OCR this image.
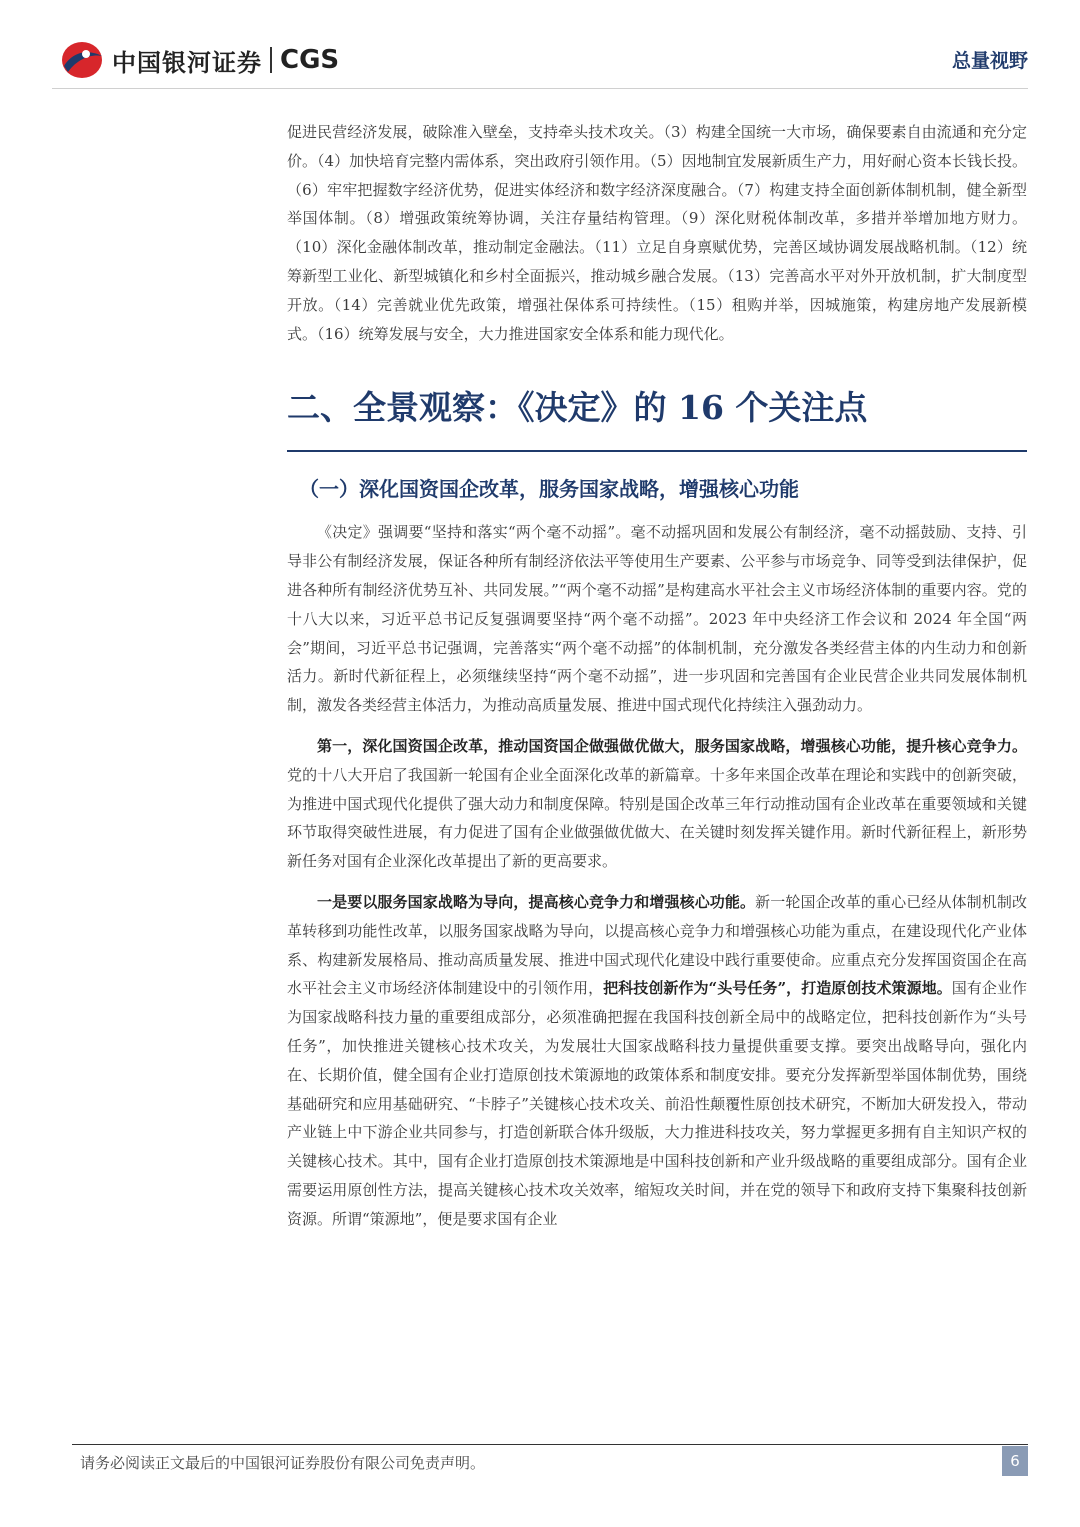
中国银河证券 CGS	总量视野

促进民营经济发展，破除准入壁垒，支持牵头技术攻关。（3）构建全国统一大市场，确保要素自由流通和充分定价。（4）加快培育完整内需体系，突出政府引领作用。（5）因地制宜发展新质生产力，用好耐心资本长钱长投。（6）牢牢把握数字经济优势，促进实体经济和数字经济深度融合。（7）构建支持全面创新体制机制，健全新型举国体制。（8）增强政策统筹协调，关注存量结构管理。（9）深化财税体制改革，多措并举增加地方财力。（10）深化金融体制改革，推动制定金融法。（11）立足自身禀赋优势，完善区域协调发展战略机制。（12）统筹新型工业化、新型城镇化和乡村全面振兴，推动城乡融合发展。（13）完善高水平对外开放机制，扩大制度型开放。（14）完善就业优先政策，增强社保体系可持续性。（15）租购并举，因城施策，构建房地产发展新模式。（16）统筹发展与安全，大力推进国家安全体系和能力现代化。

二、全景观察：《决定》的 16 个关注点
（一）深化国资国企改革，服务国家战略，增强核心功能

《决定》强调要“坚持和落实“两个毫不动摇”。毫不动摇巩固和发展公有制经济，毫不动摇鼓励、支持、引导非公有制经济发展，保证各种所有制经济依法平等使用生产要素、公平参与市场竞争、同等受到法律保护，促进各种所有制经济优势互补、共同发展。”“两个毫不动摇”是构建高水平社会主义市场经济体制的重要内容。党的十八大以来，习近平总书记反复强调要坚持“两个毫不动摇”。2023 年中央经济工作会议和 2024 年全国“两会”期间，习近平总书记强调，完善落实“两个毫不动摇”的体制机制，充分激发各类经营主体的内生动力和创新活力。新时代新征程上，必须继续坚持“两个毫不动摇”，进一步巩固和完善国有企业民营企业共同发展体制机制，激发各类经营主体活力，为推动高质量发展、推进中国式现代化持续注入强劲动力。

第一，深化国资国企改革，推动国资国企做强做优做大，服务国家战略，增强核心功能，提升核心竞争力。党的十八大开启了我国新一轮国有企业全面深化改革的新篇章。十多年来国企改革在理论和实践中的创新突破，为推进中国式现代化提供了强大动力和制度保障。特别是国企改革三年行动推动国有企业改革在重要领域和关键环节取得突破性进展，有力促进了国有企业做强做优做大、在关键时刻发挥关键作用。新时代新征程上，新形势新任务对国有企业深化改革提出了新的更高要求。

一是要以服务国家战略为导向，提高核心竞争力和增强核心功能。新一轮国企改革的重心已经从体制机制改革转移到功能性改革，以服务国家战略为导向，以提高核心竞争力和增强核心功能为重点，在建设现代化产业体系、构建新发展格局、推动高质量发展、推进中国式现代化建设中践行重要使命。应重点充分发挥国资国企在高水平社会主义市场经济体制建设中的引领作用，把科技创新作为“头号任务”，打造原创技术策源地。国有企业作为国家战略科技力量的重要组成部分，必须准确把握在我国科技创新全局中的战略定位，把科技创新作为“头号任务”，加快推进关键核心技术攻关，为发展壮大国家战略科技力量提供重要支撑。要突出战略导向，强化内在、长期价值，健全国有企业打造原创技术策源地的政策体系和制度安排。要充分发挥新型举国体制优势，围绕基础研究和应用基础研究、“卡脖子”关键核心技术攻关、前沿性颠覆性原创技术研究，不断加大研发投入，带动产业链上中下游企业共同参与，打造创新联合体升级版，大力推进科技攻关，努力掌握更多拥有自主知识产权的关键核心技术。其中，国有企业打造原创技术策源地是中国科技创新和产业升级战略的重要组成部分。国有企业需要运用原创性方法，提高关键核心技术攻关效率，缩短攻关时间，并在党的领导下和政府支持下集聚科技创新资源。所谓“策源地”，便是要求国有企业

请务必阅读正文最后的中国银河证券股份有限公司免责声明。	6
